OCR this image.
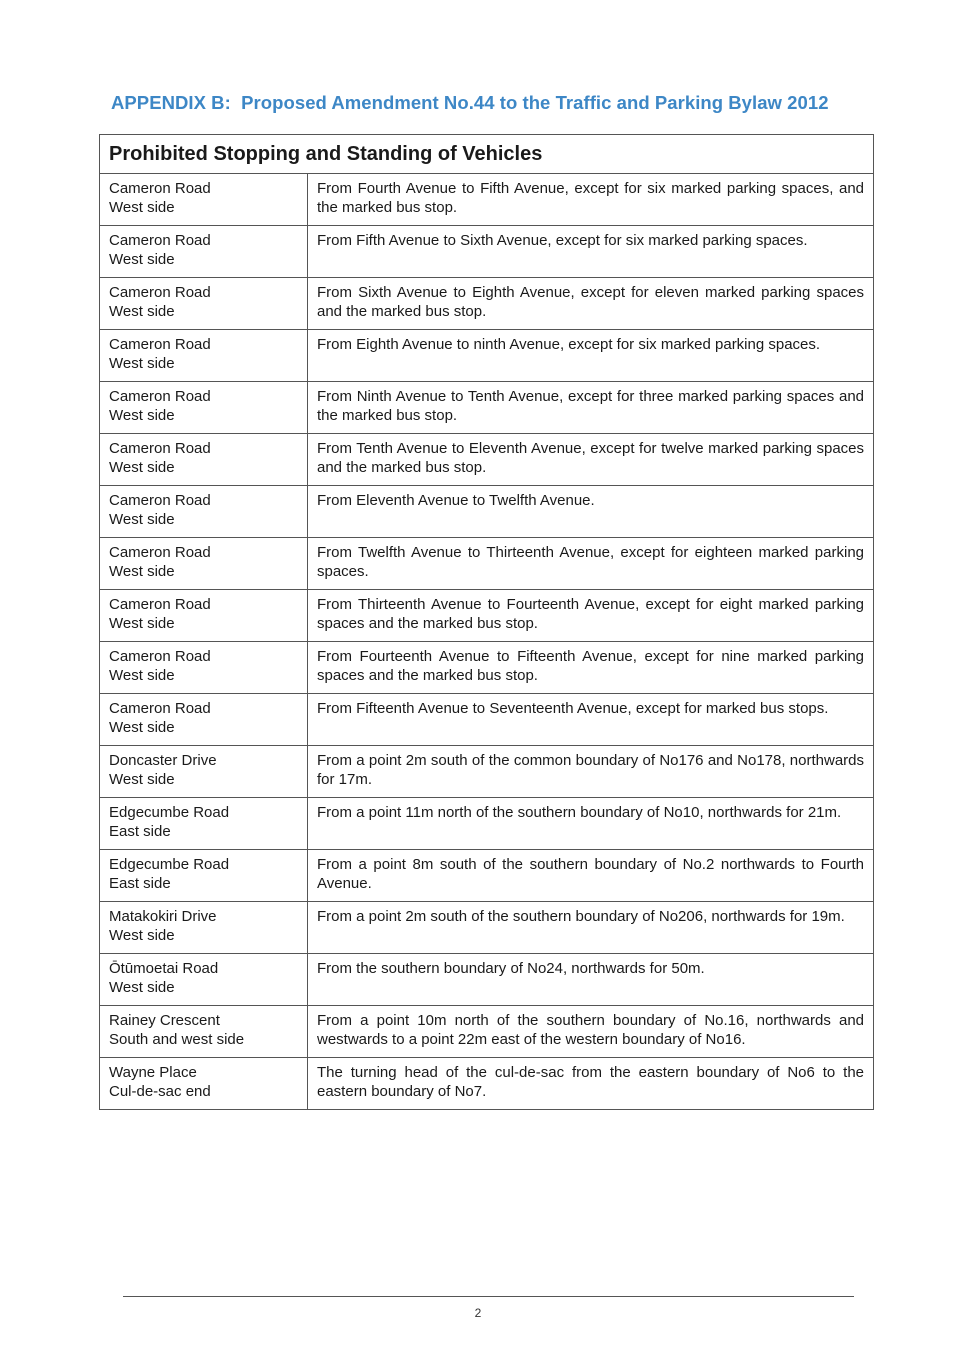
APPENDIX B:  Proposed Amendment No.44 to the Traffic and Parking Bylaw 2012
Prohibited Stopping and Standing of Vehicles	

Cameron Road
West side	From Fourth Avenue to Fifth Avenue, except for six marked parking spaces, and the marked bus stop.

Cameron Road
West side	From Fifth Avenue to Sixth Avenue, except for six marked parking spaces.

Cameron Road
West side	From Sixth Avenue to Eighth Avenue, except for eleven marked parking spaces and the marked bus stop.

Cameron Road
West side	From Eighth Avenue to ninth Avenue, except for six marked parking spaces.

Cameron Road
West side	From Ninth Avenue to Tenth Avenue, except for three marked parking spaces and the marked bus stop.

Cameron Road
West side	From Tenth Avenue to Eleventh Avenue, except for twelve marked parking spaces and the marked bus stop.

Cameron Road
West side	From Eleventh Avenue to Twelfth Avenue.

Cameron Road
West side	From Twelfth Avenue to Thirteenth Avenue, except for eighteen marked parking spaces.

Cameron Road
West side	From Thirteenth Avenue to Fourteenth Avenue, except for eight marked parking spaces and the marked bus stop.

Cameron Road
West side	From Fourteenth Avenue to Fifteenth Avenue, except for nine marked parking spaces and the marked bus stop.

Cameron Road
West side	From Fifteenth Avenue to Seventeenth Avenue, except for marked bus stops.

Doncaster Drive
West side	From a point 2m south of the common boundary of No176 and No178, northwards for 17m.

Edgecumbe Road
East side	From a point 11m north of the southern boundary of No10, northwards for 21m.

Edgecumbe Road
East side	From a point 8m south of the southern boundary of No.2 northwards to Fourth Avenue.

Matakokiri Drive
West side	From a point 2m south of the southern boundary of No206, northwards for 19m.

Ōtūmoetai Road
West side	From the southern boundary of No24, northwards for 50m.

Rainey Crescent
South and west side	From a point 10m north of the southern boundary of No.16, northwards and westwards to a point 22m east of the western boundary of No16.

Wayne Place
Cul-de-sac end	The turning head of the cul-de-sac from the eastern boundary of No6 to the eastern boundary of No7.
2
